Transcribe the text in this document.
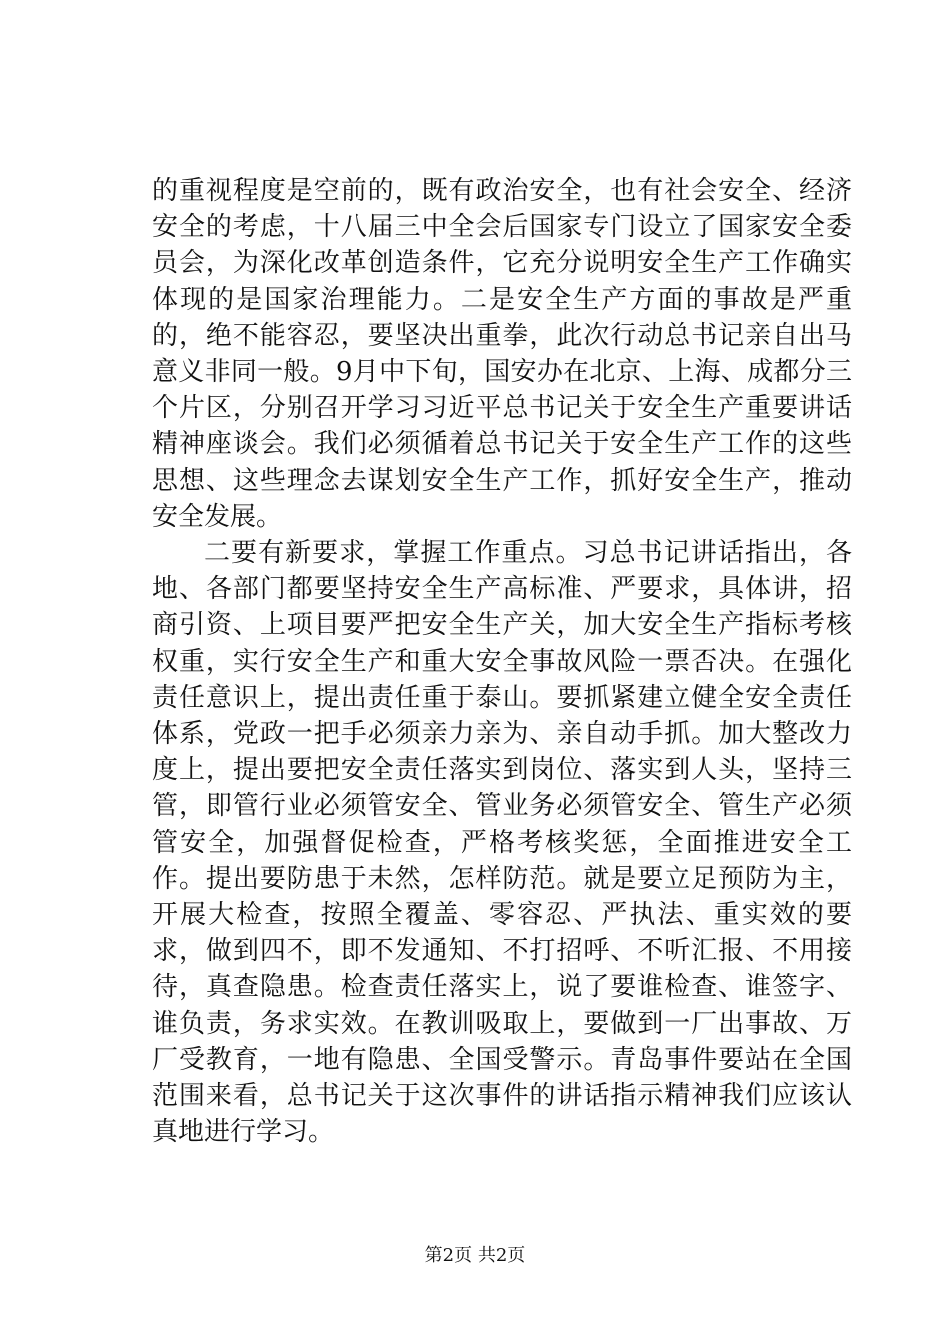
的重视程度是空前的，既有政治安全，也有社会安全、经济安全的考虑，十八届三中全会后国家专门设立了国家安全委员会，为深化改革创造条件，它充分说明安全生产工作确实体现的是国家治理能力。二是安全生产方面的事故是严重的，绝不能容忍，要坚决出重拳，此次行动总书记亲自出马意义非同一般。9月中下旬，国安办在北京、上海、成都分三个片区，分别召开学习习近平总书记关于安全生产重要讲话精神座谈会。我们必须循着总书记关于安全生产工作的这些思想、这些理念去谋划安全生产工作，抓好安全生产，推动安全发展。

二要有新要求，掌握工作重点。习总书记讲话指出，各地、各部门都要坚持安全生产高标准、严要求，具体讲，招商引资、上项目要严把安全生产关，加大安全生产指标考核权重，实行安全生产和重大安全事故风险一票否决。在强化责任意识上，提出责任重于泰山。要抓紧建立健全安全责任体系，党政一把手必须亲力亲为、亲自动手抓。加大整改力度上，提出要把安全责任落实到岗位、落实到人头，坚持三管，即管行业必须管安全、管业务必须管安全、管生产必须管安全，加强督促检查，严格考核奖惩，全面推进安全工作。提出要防患于未然，怎样防范。就是要立足预防为主，开展大检查，按照全覆盖、零容忍、严执法、重实效的要求，做到四不，即不发通知、不打招呼、不听汇报、不用接待，真查隐患。检查责任落实上，说了要谁检查、谁签字、谁负责，务求实效。在教训吸取上，要做到一厂出事故、万厂受教育，一地有隐患、全国受警示。青岛事件要站在全国范围来看，总书记关于这次事件的讲话指示精神我们应该认真地进行学习。

第2页 共2页
